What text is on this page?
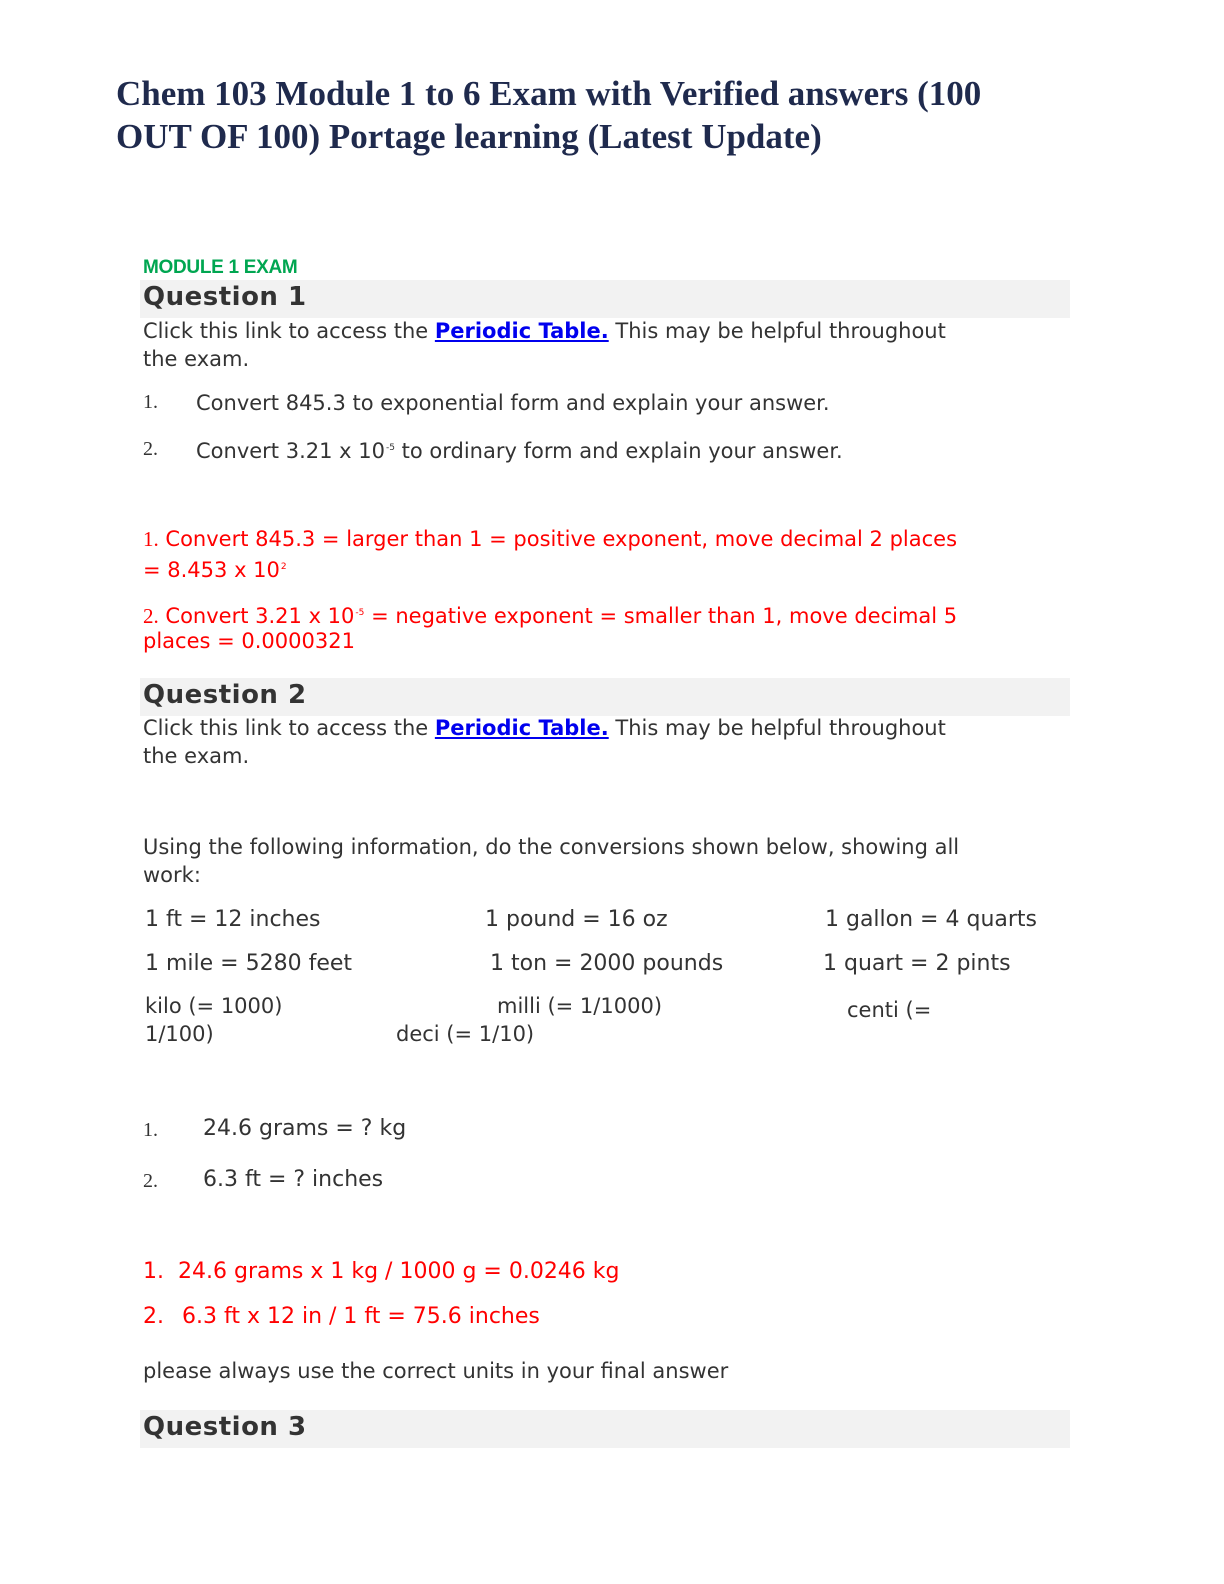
Chem 103 Module 1 to 6 Exam with Verified answers (100
OUT OF 100) Portage learning (Latest Update)
MODULE 1 EXAM
Question 1
Click this link to access the Periodic Table. This may be helpful throughout
the exam.
1. Convert 845.3 to exponential form and explain your answer.
2. Convert 3.21 x $10^{-5}$ to ordinary form and explain your answer.
1. Convert 845.3 = larger than 1 = positive exponent, move decimal 2 places
= 8.453 x $10^2$
2. Convert 3.21 x $10^{-5}$ = negative exponent = smaller than 1, move decimal 5
places = 0.0000321
Question 2
Click this link to access the Periodic Table. This may be helpful throughout
the exam.
Using the following information, do the conversions shown below, showing all
work:
1 ft = 12 inches	1 pound = 16 oz	1 gallon = 4 quarts
1 mile = 5280 feet	1 ton = 2000 pounds	1 quart = 2 pints
kilo (= 1000)	milli (= 1/1000)	centi (=
1/100)	deci (= 1/10)
1. 24.6 grams = ? kg
2. 6.3 ft = ? inches
1. 24.6 grams x 1 kg / 1000 g = 0.0246 kg
2. 6.3 ft x 12 in / 1 ft = 75.6 inches
please always use the correct units in your final answer
Question 3
